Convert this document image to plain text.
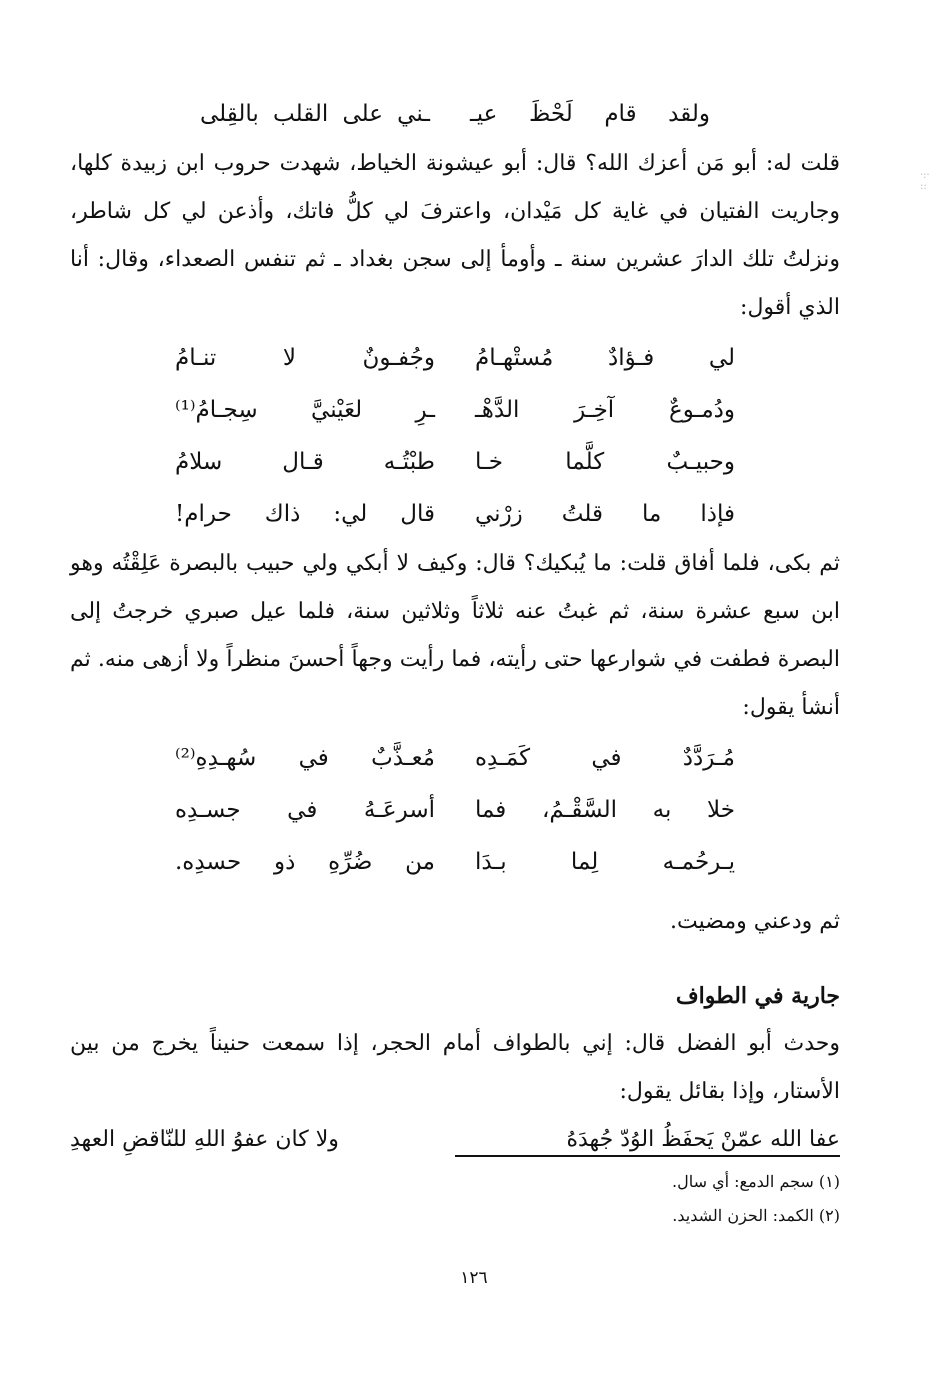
·:·
::
ولقد قام لَحْظَ عيـ
ـني على القلب بالقِلى

قلت له: أبو مَن أعزك الله؟ قال: أبو عيشونة الخياط، شهدت حروب ابن زبيدة كلها، وجاريت الفتيان في غاية كل مَيْدان، واعترفَ لي كلُّ فاتك، وأذعن لي كل شاطر، ونزلتُ تلك الدارَ عشرين سنة ـ وأومأ إلى سجن بغداد ـ ثم تنفس الصعداء، وقال: أنا الذي أقول:

لي فـؤادٌ مُستْهـامُ
وجُفـونٌ لا تنـامُ
ودُمـوعٌ آخِـرَ الدَّهْـ
ـرِ لعَيْنيَّ سِجـامُ⁽¹⁾
وحبيـبٌ كلَّما خـا
طبْتُـه قـال سلامُ
فإذا ما قلتُ زرْني
قال لي: ذاك حرام!

ثم بكى، فلما أفاق قلت: ما يُبكيك؟ قال: وكيف لا أبكي ولي حبيب بالبصرة عَلِقْتُه وهو ابن سبع عشرة سنة، ثم غبتُ عنه ثلاثاً وثلاثين سنة، فلما عيل صبري خرجتُ إلى البصرة فطفت في شوارعها حتى رأيته، فما رأيت وجهاً أحسنَ منظراً ولا أزهى منه. ثم أنشأ يقول:

مُـرَدَّدٌ في كَمَـدِه
مُعـذَّبٌ في سُهـدِهِ⁽²⁾
خلا به السَّقْـمُ، فما
أسرعَـهُ في جسـدِه
يـرحُمـه لِما بـدَا
من ضُرِّهِ ذو حسدِه.

ثم ودعني ومضيت.

جارية في الطواف

وحدث أبو الفضل قال: إني بالطواف أمام الحجر، إذا سمعت حنيناً يخرج من بين الأستار، وإذا بقائل يقول:

عفا الله عمّنْ يَحفَظُ الوُدّ جُهدَهُ
ولا كان عفوُ اللهِ للنّاقضِ العهدِ
(١) سجم الدمع: أي سال.
(٢) الكمد: الحزن الشديد.
١٢٦
